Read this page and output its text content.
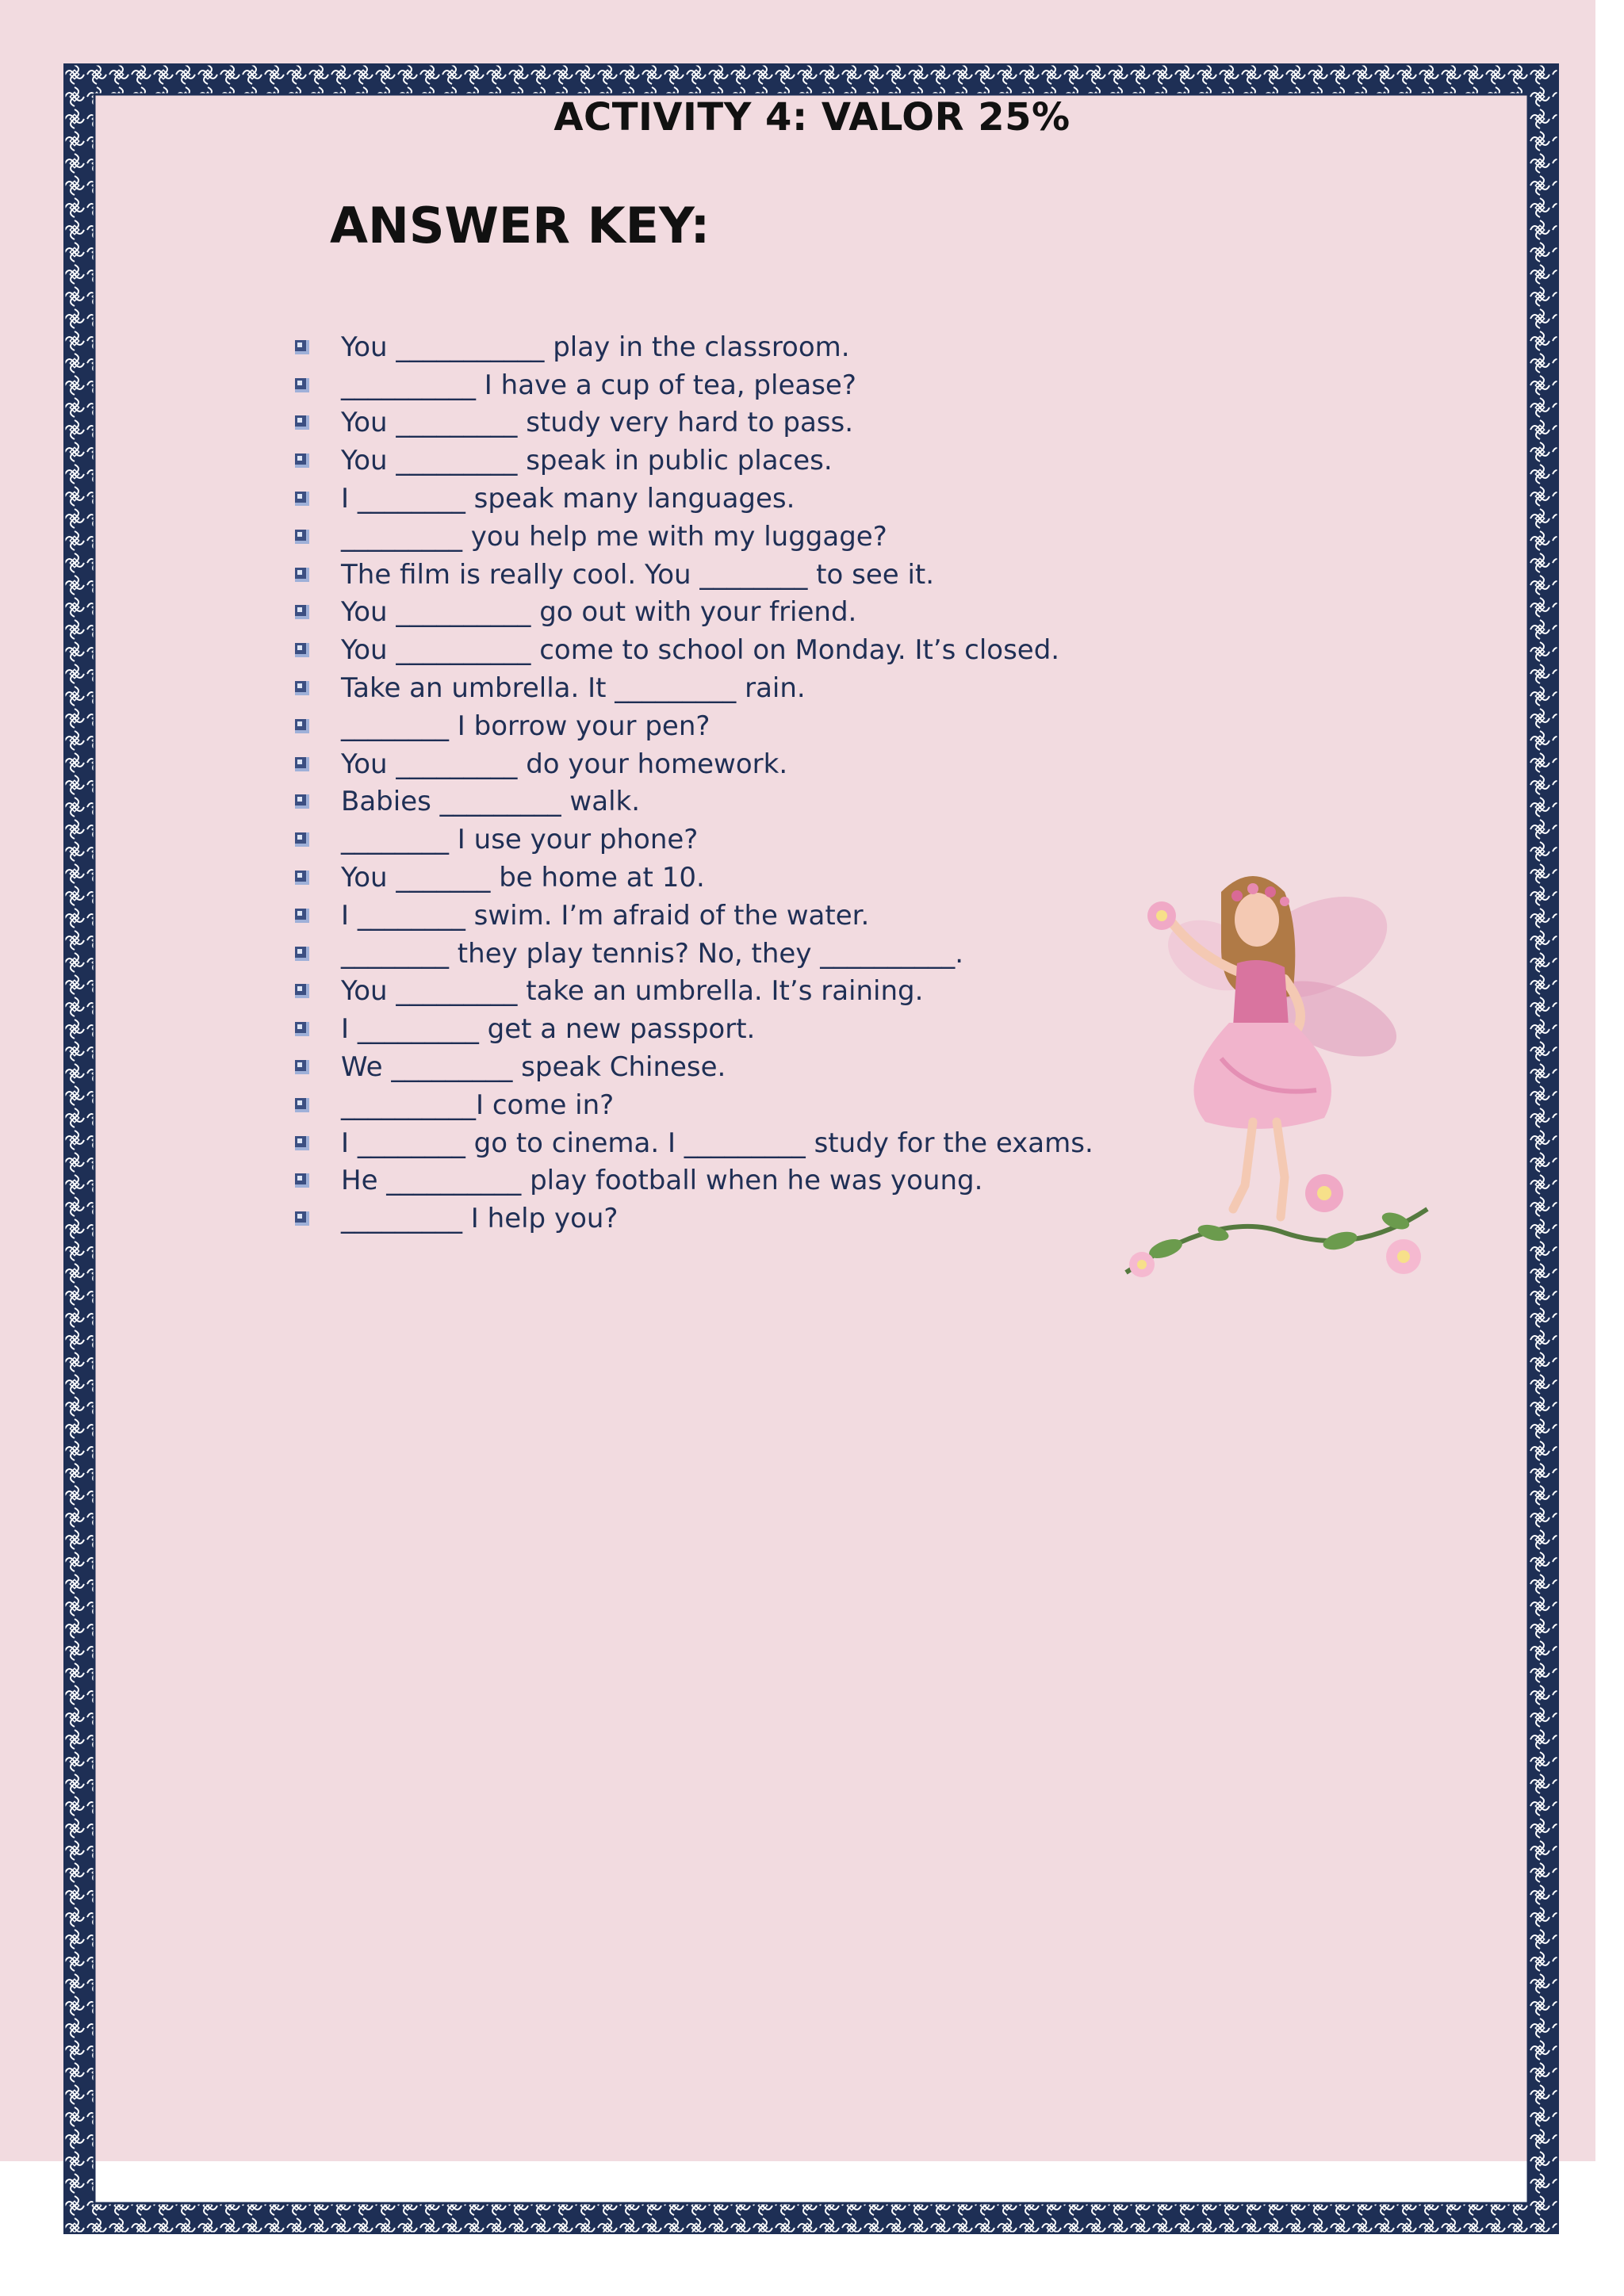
ACTIVITY 4: VALOR 25%
ANSWER KEY:
You ___________ play in the classroom.
__________ I have a cup of tea, please?
You _________ study very hard to pass.
You _________ speak in public places.
I ________ speak many languages.
_________ you help me with my luggage?
The film is really cool. You ________ to see it.
You __________ go out with your friend.
You __________ come to school on Monday. It’s closed.
Take an umbrella. It _________ rain.
________ I borrow your pen?
You _________ do your homework.
Babies _________ walk.
________ I use your phone?
You _______ be home at 10.
I ________ swim. I’m afraid of the water.
________ they play tennis? No, they __________.
You _________ take an umbrella. It’s raining.
I _________ get a new passport.
We _________ speak Chinese.
__________I come in?
I ________ go to cinema. I _________ study for the exams.
He __________ play football when he was young.
_________ I help you?
